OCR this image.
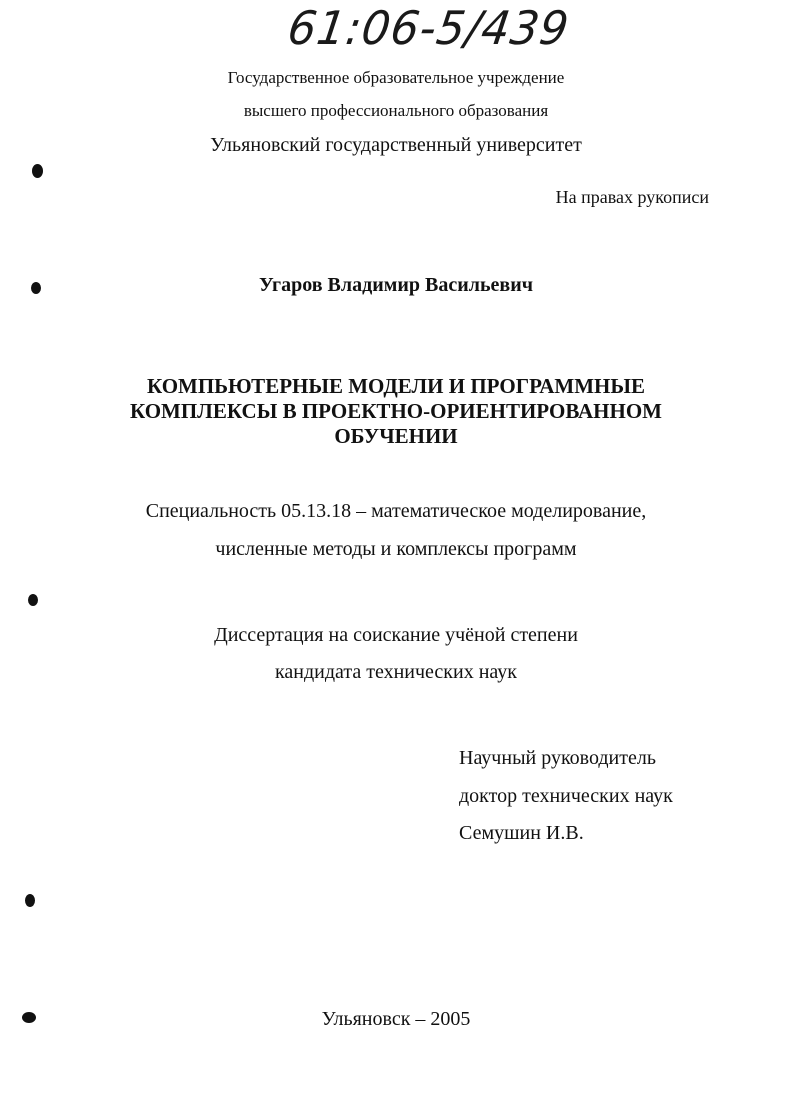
61:06-5/439
Государственное образовательное учреждение
высшего профессионального образования
Ульяновский государственный университет
На правах рукописи
Угаров Владимир Васильевич
КОМПЬЮТЕРНЫЕ МОДЕЛИ И ПРОГРАММНЫЕ
КОМПЛЕКСЫ В ПРОЕКТНО-ОРИЕНТИРОВАННОМ
ОБУЧЕНИИ
Специальность 05.13.18 – математическое моделирование,
численные методы и комплексы программ
Диссертация на соискание учёной степени
кандидата технических наук
Научный руководитель
доктор технических наук
Семушин И.В.
Ульяновск – 2005
